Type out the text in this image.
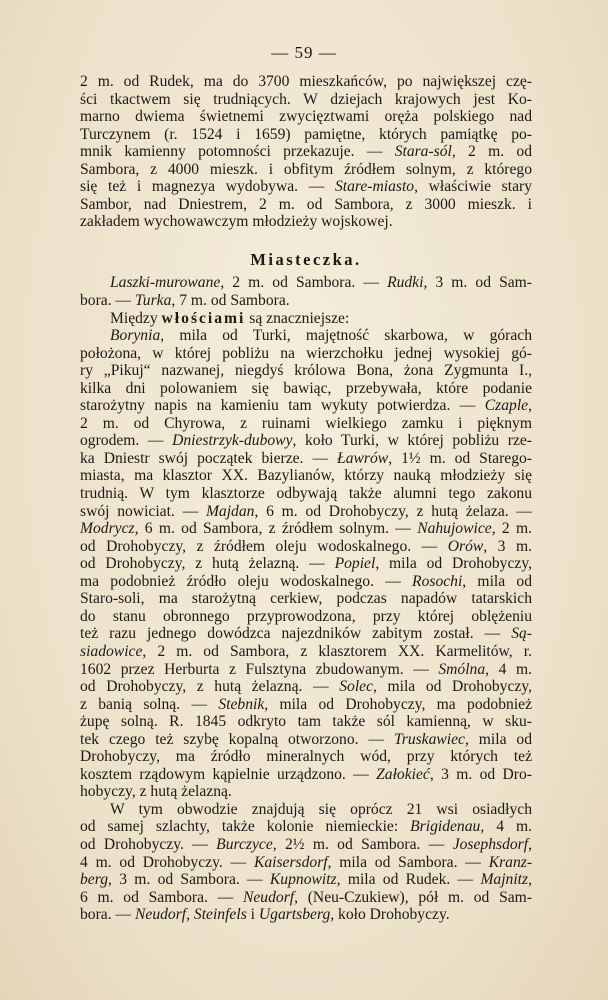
— 59 —
2 m. od Rudek, ma do 3700 mieszkańców, po największej czę-
ści tkactwem się trudniących. W dziejach krajowych jest Ko-
marno dwiema świetnemi zwycięztwami oręża polskiego nad
Turczynem (r. 1524 i 1659) pamiętne, których pamiątkę po-
mnik kamienny potomności przekazuje. — Stara-sól, 2 m. od
Sambora, z 4000 mieszk. i obfitym źródłem solnym, z którego
się też i magnezya wydobywa. — Stare-miasto, właściwie stary
Sambor, nad Dniestrem, 2 m. od Sambora, z 3000 mieszk. i
zakładem wychowawczym młodzieży wojskowej.
Miasteczka.
Laszki-murowane, 2 m. od Sambora. — Rudki, 3 m. od Sam-
bora. — Turka, 7 m. od Sambora.
Między włościami są znaczniejsze:
Borynia, mila od Turki, majętność skarbowa, w górach
położona, w której pobliżu na wierzchołku jednej wysokiej gó-
ry „Pikuj“ nazwanej, niegdyś królowa Bona, żona Zygmunta I.,
kilka dni polowaniem się bawiąc, przebywała, które podanie
starożytny napis na kamieniu tam wykuty potwierdza. — Czaple,
2 m. od Chyrowa, z ruinami wielkiego zamku i pięknym
ogrodem. — Dniestrzyk-dubowy, koło Turki, w której pobliżu rze-
ka Dniestr swój początek bierze. — Ławrów, 1½ m. od Starego-
miasta, ma klasztor XX. Bazylianów, którzy nauką młodzieży się
trudnią. W tym klasztorze odbywają także alumni tego zakonu
swój nowiciat. — Majdan, 6 m. od Drohobyczy, z hutą żelaza. —
Modrycz, 6 m. od Sambora, z źródłem solnym. — Nahujowice, 2 m.
od Drohobyczy, z źródłem oleju wodoskalnego. — Orów, 3 m.
od Drohobyczy, z hutą żelazną. — Popiel, mila od Drohobyczy,
ma podobnież źródło oleju wodoskalnego. — Rosochi, mila od
Staro-soli, ma starożytną cerkiew, podczas napadów tatarskich
do stanu obronnego przyprowodzona, przy której oblężeniu
też razu jednego dowódzca najezdników zabitym został. — Są-
siadowice, 2 m. od Sambora, z klasztorem XX. Karmelitów, r.
1602 przez Herburta z Fulsztyna zbudowanym. — Smólna, 4 m.
od Drohobyczy, z hutą żelazną. — Solec, mila od Drohobyczy,
z banią solną. — Stebnik, mila od Drohobyczy, ma podobnież
żupę solną. R. 1845 odkryto tam także sól kamienną, w sku-
tek czego też szybę kopalną otworzono. — Truskawiec, mila od
Drohobyczy, ma źródło mineralnych wód, przy których też
kosztem rządowym kąpielnie urządzono. — Załokieć, 3 m. od Dro-
hobyczy, z hutą żelazną.
W tym obwodzie znajdują się oprócz 21 wsi osiadłych
od samej szlachty, także kolonie niemieckie: Brigidenau, 4 m.
od Drohobyczy. — Burczyce, 2½ m. od Sambora. — Josephsdorf,
4 m. od Drohobyczy. — Kaisersdorf, mila od Sambora. — Kranz-
berg, 3 m. od Sambora. — Kupnowitz, mila od Rudek. — Majnitz,
6 m. od Sambora. — Neudorf, (Neu-Czukiew), pół m. od Sam-
bora. — Neudorf, Steinfels i Ugartsberg, koło Drohobyczy.
